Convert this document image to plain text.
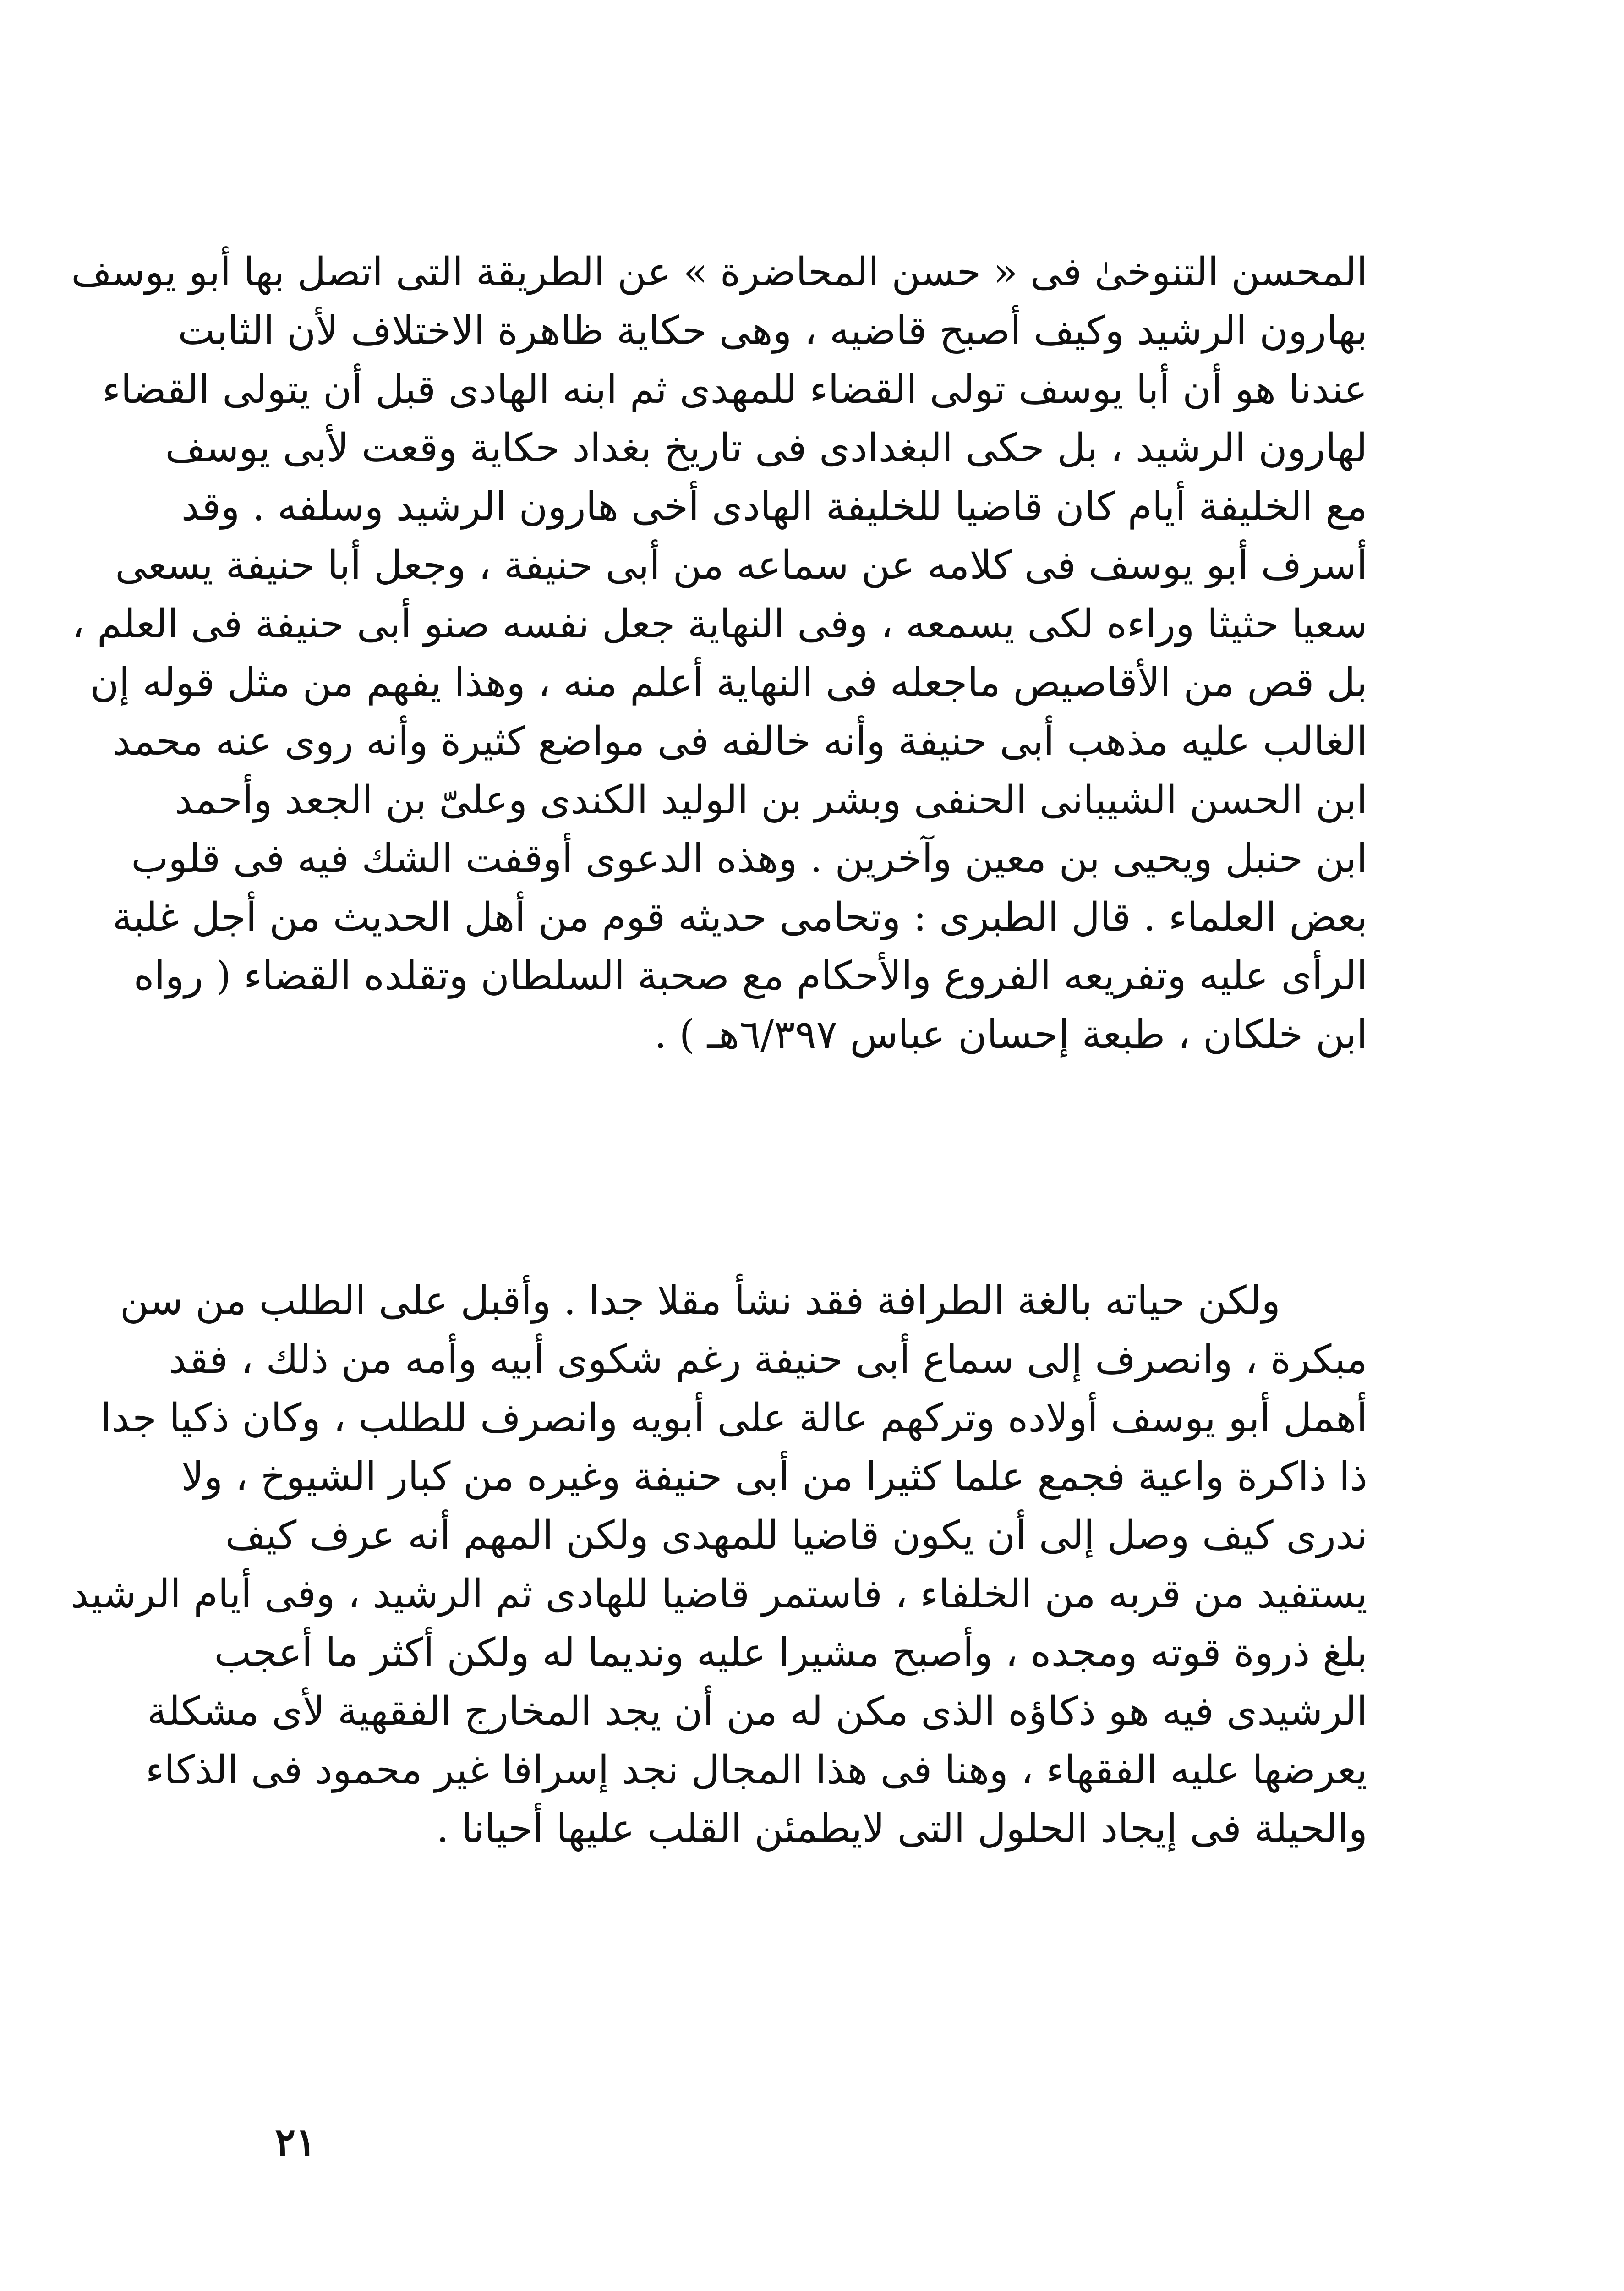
المحسن التنوخىٰ فى « حسن المحاضرة » عن الطريقة التى اتصل بها أبو يوسف
بهارون الرشيد وكيف أصبح قاضيه ، وهى حكاية ظاهرة الاختلاف لأن الثابت
عندنا هو أن أبا يوسف تولى القضاء للمهدى ثم ابنه الهادى قبل أن يتولى القضاء
لهارون الرشيد ، بل حكى البغدادى فى تاريخ بغداد حكاية وقعت لأبى يوسف
مع الخليفة أيام كان قاضيا للخليفة الهادى أخى هارون الرشيد وسلفه . وقد
أسرف أبو يوسف فى كلامه عن سماعه من أبى حنيفة ، وجعل أبا حنيفة يسعى
سعيا حثيثا وراءه لكى يسمعه ، وفى النهاية جعل نفسه صنو أبى حنيفة فى العلم ،
بل قص من الأقاصيص ماجعله فى النهاية أعلم منه ، وهذا يفهم من مثل قوله إن
الغالب عليه مذهب أبى حنيفة وأنه خالفه فى مواضع كثيرة وأنه روى عنه محمد
ابن الحسن الشيبانى الحنفى وبشر بن الوليد الكندى وعلىّ بن الجعد وأحمد
ابن حنبل ويحيى بن معين وآخرين . وهذه الدعوى أوقفت الشك فيه فى قلوب
بعض العلماء . قال الطبرى : وتحامى حديثه قوم من أهل الحديث من أجل غلبة
الرأى عليه وتفريعه الفروع والأحكام مع صحبة السلطان وتقلده القضاء ( رواه
ابن خلكان ، طبعة إحسان عباس ٦/٣٩٧هـ ) .
ولكن حياته بالغة الطرافة فقد نشأ مقلا جدا . وأقبل على الطلب من سن
مبكرة ، وانصرف إلى سماع أبى حنيفة رغم شكوى أبيه وأمه من ذلك ، فقد
أهمل أبو يوسف أولاده وتركهم عالة على أبويه وانصرف للطلب ، وكان ذكيا جدا
ذا ذاكرة واعية فجمع علما كثيرا من أبى حنيفة وغيره من كبار الشيوخ ، ولا
ندرى كيف وصل إلى أن يكون قاضيا للمهدى ولكن المهم أنه عرف كيف
يستفيد من قربه من الخلفاء ، فاستمر قاضيا للهادى ثم الرشيد ، وفى أيام الرشيد
بلغ ذروة قوته ومجده ، وأصبح مشيرا عليه ونديما له ولكن أكثر ما أعجب
الرشيدى فيه هو ذكاؤه الذى مكن له من أن يجد المخارج الفقهية لأى مشكلة
يعرضها عليه الفقهاء ، وهنا فى هذا المجال نجد إسرافا غير محمود فى الذكاء
والحيلة فى إيجاد الحلول التى لايطمئن القلب عليها أحيانا .
٢١
